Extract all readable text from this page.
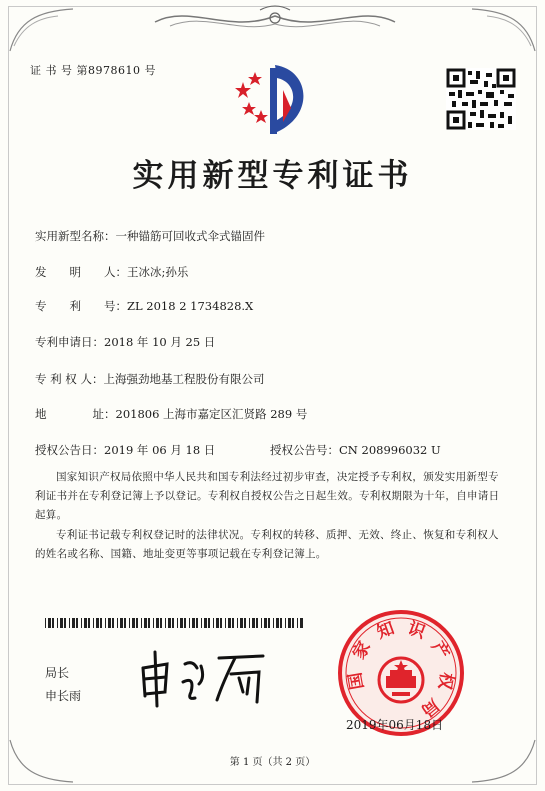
证 书 号 第8978610 号
实用新型专利证书
实用新型名称：一种锚筋可回收式伞式锚固件
发　　明　　人：王冰冰;孙乐
专　　利　　号：ZL 2018 2 1734828.X
专利申请日：2018 年 10 月 25 日
专 利 权 人：上海强劲地基工程股份有限公司
地　　　　址：201806 上海市嘉定区汇贤路 289 号
授权公告日：2019 年 06 月 18 日	授权公告号：CN 208996032 U
国家知识产权局依照中华人民共和国专利法经过初步审查，决定授予专利权，颁发实用新型专利证书并在专利登记簿上予以登记。专利权自授权公告之日起生效。专利权期限为十年，自申请日起算。
专利证书记载专利权登记时的法律状况。专利权的转移、质押、无效、终止、恢复和专利权人的姓名或名称、国籍、地址变更等事项记载在专利登记簿上。
局长
申长雨
国
家
知 识
产
权
局
2019年06月18日
第 1 页（共 2 页）
